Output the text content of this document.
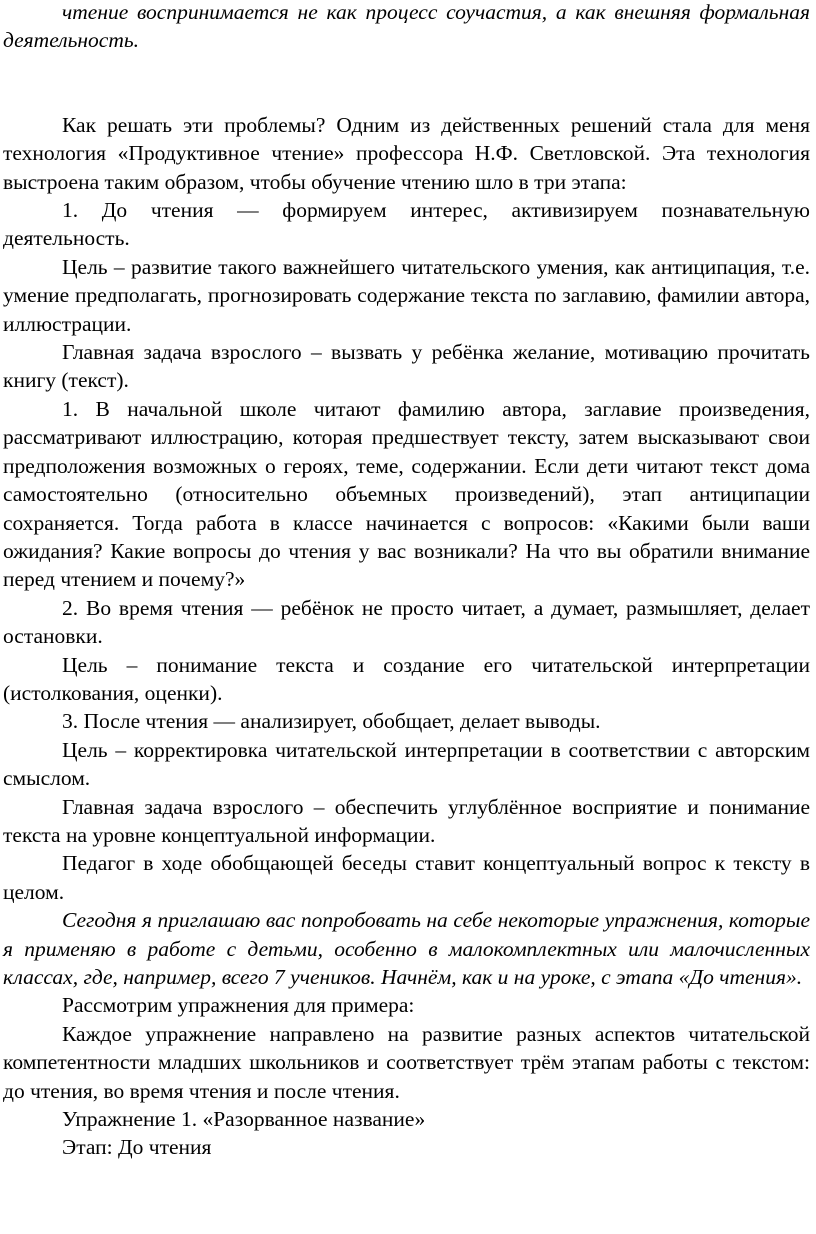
чтение воспринимается не как процесс соучастия, а как внешняя формальная деятельность.

Как решать эти проблемы? Одним из действенных решений стала для меня технология «Продуктивное чтение» профессора Н.Ф. Светловской. Эта технология выстроена таким образом, чтобы обучение чтению шло в три этапа:

1. До чтения — формируем интерес, активизируем познавательную деятельность.

Цель – развитие такого важнейшего читательского умения, как антиципация, т.е. умение предполагать, прогнозировать содержание текста по заглавию, фамилии автора, иллюстрации.

Главная задача взрослого – вызвать у ребёнка желание, мотивацию прочитать книгу (текст).

1. В начальной школе читают фамилию автора, заглавие произведения, рассматривают иллюстрацию, которая предшествует тексту, затем высказывают свои предположения возможных о героях, теме, содержании. Если дети читают текст дома самостоятельно (относительно объемных произведений), этап антиципации сохраняется. Тогда работа в классе начинается с вопросов: «Какими были ваши ожидания? Какие вопросы до чтения у вас возникали? На что вы обратили внимание перед чтением и почему?»

2. Во время чтения — ребёнок не просто читает, а думает, размышляет, делает остановки.

Цель – понимание текста и создание его читательской интерпретации (истолкования, оценки).

3. После чтения — анализирует, обобщает, делает выводы.

Цель – корректировка читательской интерпретации в соответствии с авторским смыслом.

Главная задача взрослого – обеспечить углублённое восприятие и понимание текста на уровне концептуальной информации.

Педагог в ходе обобщающей беседы ставит концептуальный вопрос к тексту в целом.

Сегодня я приглашаю вас попробовать на себе некоторые упражнения, которые я применяю в работе с детьми, особенно в малокомплектных или малочисленных классах, где, например, всего 7 учеников. Начнём, как и на уроке, с этапа «До чтения».

Рассмотрим упражнения для примера:

Каждое упражнение направлено на развитие разных аспектов читательской компетентности младших школьников и соответствует трём этапам работы с текстом: до чтения, во время чтения и после чтения.

Упражнение 1. «Разорванное название»

Этап: До чтения
